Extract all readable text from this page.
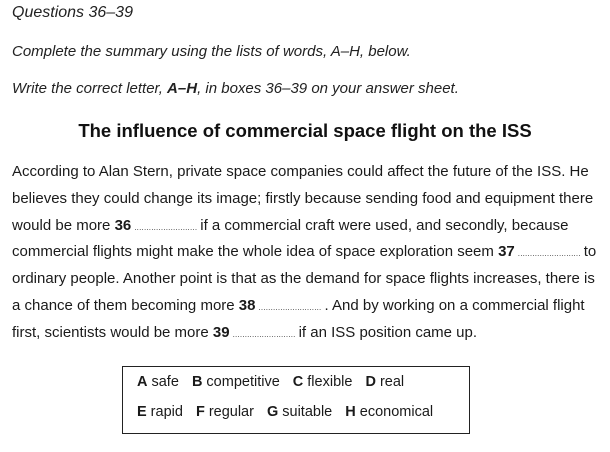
Questions 36–39
Complete the summary using the lists of words, A–H, below.
Write the correct letter, A–H, in boxes 36–39 on your answer sheet.
The influence of commercial space flight on the ISS
According to Alan Stern, private space companies could affect the future of the ISS. He
believes they could change its image; firstly because sending food and equipment there
would be more 36 .......................... if a commercial craft were used, and secondly, because
commercial flights might make the whole idea of space exploration seem 37 .......................... to
ordinary people. Another point is that as the demand for space flights increases, there is
a chance of them becoming more 38 .......................... . And by working on a commercial flight
first, scientists would be more 39 .......................... if an ISS position came up.
A safe B competitive C flexible D real
E rapid F regular G suitable H economical
